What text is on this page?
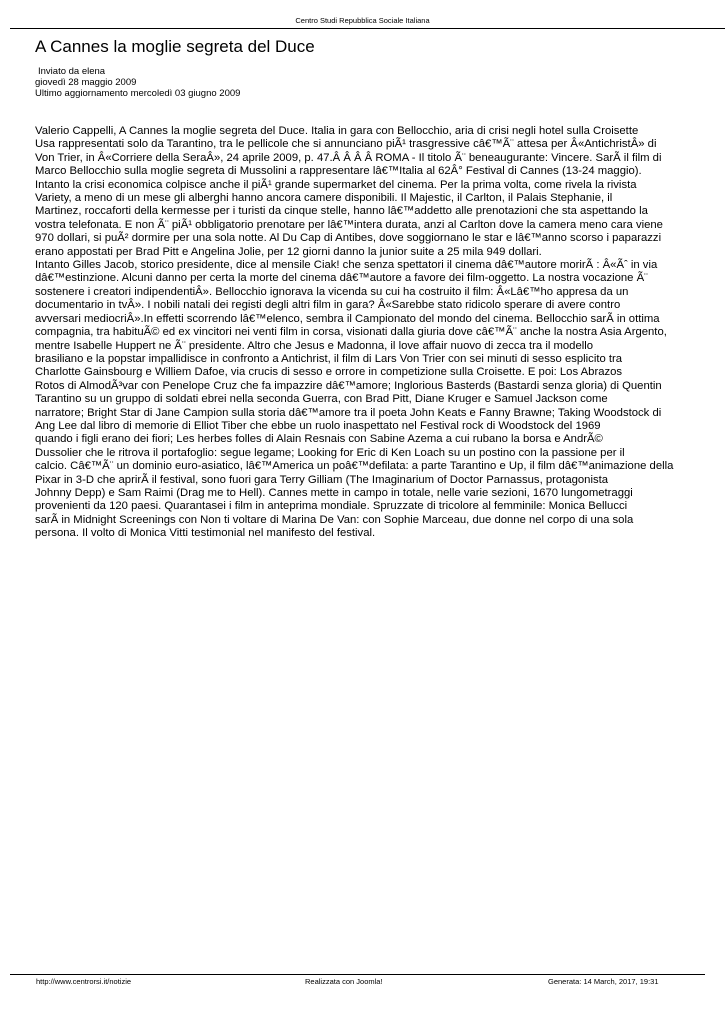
Centro Studi Repubblica Sociale Italiana
A Cannes la moglie segreta del Duce
Inviato da elena
giovedì 28 maggio 2009
Ultimo aggiornamento mercoledì 03 giugno 2009
Valerio Cappelli, A Cannes la moglie segreta del Duce. Italia in gara con Bellocchio, aria di crisi negli hotel sulla Croisette
Usa rappresentati solo da Tarantino, tra le pellicole che si annunciano piÃ¹ trasgressive câ€™Ã¨ attesa per Â«AntichristÂ» di
Von Trier, in Â«Corriere della SeraÂ», 24 aprile 2009, p. 47.Â Â Â Â ROMA - Il titolo Ã¨ beneaugurante: Vincere. SarÃ il film di
Marco Bellocchio sulla moglie segreta di Mussolini a rappresentare lâ€™Italia al 62Â° Festival di Cannes (13-24 maggio).
Intanto la crisi economica colpisce anche il piÃ¹ grande supermarket del cinema. Per la prima volta, come rivela la rivista
Variety, a meno di un mese gli alberghi hanno ancora camere disponibili. Il Majestic, il Carlton, il Palais Stephanie, il
Martinez, roccaforti della kermesse per i turisti da cinque stelle, hanno lâ€™addetto alle prenotazioni che sta aspettando la
vostra telefonata. E non Ã¨ piÃ¹ obbligatorio prenotare per lâ€™intera durata, anzi al Carlton dove la camera meno cara viene
970 dollari, si puÃ² dormire per una sola notte. Al Du Cap di Antibes, dove soggiornano le star e lâ€™anno scorso i paparazzi
erano appostati per Brad Pitt e Angelina Jolie, per 12 giorni danno la junior suite a 25 mila 949 dollari.
Intanto Gilles Jacob, storico presidente, dice al mensile Ciak! che senza spettatori il cinema dâ€™autore morirÃ : Â«Ãˆ in via
dâ€™estinzione. Alcuni danno per certa la morte del cinema dâ€™autore a favore dei film-oggetto. La nostra vocazione Ã¨
sostenere i creatori indipendentiÂ». Bellocchio ignorava la vicenda su cui ha costruito il film: Â«Lâ€™ho appresa da un
documentario in tvÂ». I nobili natali dei registi degli altri film in gara? Â«Sarebbe stato ridicolo sperare di avere contro
avversari mediocriÂ».In effetti scorrendo lâ€™elenco, sembra il Campionato del mondo del cinema. Bellocchio sarÃ in ottima
compagnia, tra habituÃ© ed ex vincitori nei venti film in corsa, visionati dalla giuria dove câ€™Ã¨ anche la nostra Asia Argento,
mentre Isabelle Huppert ne Ã¨ presidente. Altro che Jesus e Madonna, il love affair nuovo di zecca tra il modello
brasiliano e la popstar impallidisce in confronto a Antichrist, il film di Lars Von Trier con sei minuti di sesso esplicito tra
Charlotte Gainsbourg e Williem Dafoe, via crucis di sesso e orrore in competizione sulla Croisette. E poi: Los Abrazos
Rotos di AlmodÃ³var con Penelope Cruz che fa impazzire dâ€™amore; Inglorious Basterds (Bastardi senza gloria) di Quentin
Tarantino su un gruppo di soldati ebrei nella seconda Guerra, con Brad Pitt, Diane Kruger e Samuel Jackson come
narratore; Bright Star di Jane Campion sulla storia dâ€™amore tra il poeta John Keats e Fanny Brawne; Taking Woodstock di
Ang Lee dal libro di memorie di Elliot Tiber che ebbe un ruolo inaspettato nel Festival rock di Woodstock del 1969
quando i figli erano dei fiori; Les herbes folles di Alain Resnais con Sabine Azema a cui rubano la borsa e AndrÃ©
Dussolier che le ritrova il portafoglio: segue legame; Looking for Eric di Ken Loach su un postino con la passione per il
calcio. Câ€™Ã¨ un dominio euro-asiatico, lâ€™America un poâ€™defilata: a parte Tarantino e Up, il film dâ€™animazione della
Pixar in 3-D che aprirÃ il festival, sono fuori gara Terry Gilliam (The Imaginarium of Doctor Parnassus, protagonista
Johnny Depp) e Sam Raimi (Drag me to Hell). Cannes mette in campo in totale, nelle varie sezioni, 1670 lungometraggi
provenienti da 120 paesi. Quarantasei i film in anteprima mondiale. Spruzzate di tricolore al femminile: Monica Bellucci
sarÃ in Midnight Screenings con Non ti voltare di Marina De Van: con Sophie Marceau, due donne nel corpo di una sola
persona. Il volto di Monica Vitti testimonial nel manifesto del festival.
http://www.centrorsi.it/notizie	Realizzata con Joomla!	Generata: 14 March, 2017, 19:31
